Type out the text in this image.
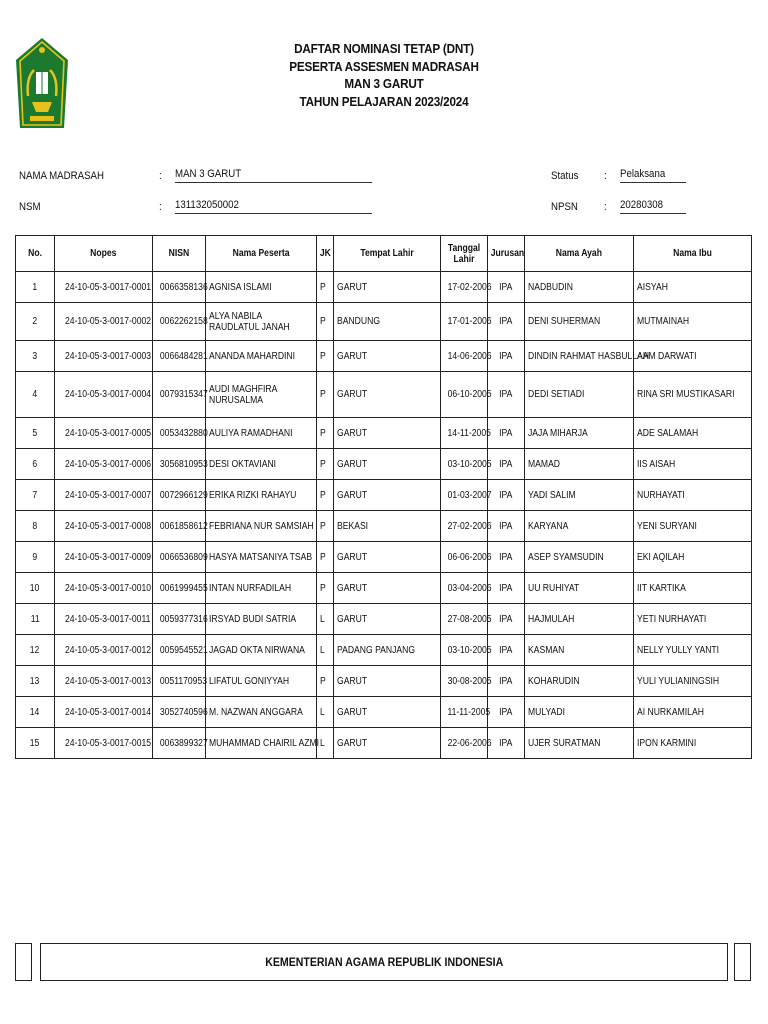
DAFTAR NOMINASI TETAP (DNT)
PESERTA ASSESMEN MADRASAH
MAN 3 GARUT
TAHUN PELAJARAN 2023/2024
NAMA MADRASAH	: MAN 3 GARUT
NSM	: 131132050002
Status : Pelaksana
NPSN : 20280308
No.	Nopes	NISN	Nama Peserta	JK	Tempat Lahir	Tanggal Lahir	Jurusan	Nama Ayah	Nama Ibu
1	24-10-05-3-0017-0001	0066358136	AGNISA ISLAMI	P	GARUT	17-02-2006	IPA	NADBUDIN	AISYAH
2	24-10-05-3-0017-0002	0062262158	ALYA NABILA RAUDLATUL JANAH	P	BANDUNG	17-01-2006	IPA	DENI SUHERMAN	MUTMAINAH
3	24-10-05-3-0017-0003	0066484281	ANANDA MAHARDINI	P	GARUT	14-06-2006	IPA	DINDIN RAHMAT HASBULLAH	AAM DARWATI
4	24-10-05-3-0017-0004	0079315347	AUDI MAGHFIRA NURUSALMA	P	GARUT	06-10-2005	IPA	DEDI SETIADI	RINA SRI MUSTIKASARI
5	24-10-05-3-0017-0005	0053432880	AULIYA RAMADHANI	P	GARUT	14-11-2005	IPA	JAJA MIHARJA	ADE SALAMAH
6	24-10-05-3-0017-0006	3056810953	DESI OKTAVIANI	P	GARUT	03-10-2005	IPA	MAMAD	IIS AISAH
7	24-10-05-3-0017-0007	0072966129	ERIKA RIZKI RAHAYU	P	GARUT	01-03-2007	IPA	YADI SALIM	NURHAYATI
8	24-10-05-3-0017-0008	0061858612	FEBRIANA NUR SAMSIAH	P	BEKASI	27-02-2006	IPA	KARYANA	YENI SURYANI
9	24-10-05-3-0017-0009	0066536809	HASYA MATSANIYA TSAB	P	GARUT	06-06-2006	IPA	ASEP SYAMSUDIN	EKI AQILAH
10	24-10-05-3-0017-0010	0061999455	INTAN NURFADILAH	P	GARUT	03-04-2006	IPA	UU RUHIYAT	IIT KARTIKA
11	24-10-05-3-0017-0011	0059377316	IRSYAD BUDI SATRIA	L	GARUT	27-08-2005	IPA	HAJMULAH	YETI NURHAYATI
12	24-10-05-3-0017-0012	0059545521	JAGAD OKTA NIRWANA	L	PADANG PANJANG	03-10-2005	IPA	KASMAN	NELLY YULLY YANTI
13	24-10-05-3-0017-0013	0051170953	LIFATUL GONIYYAH	P	GARUT	30-08-2005	IPA	KOHARUDIN	YULI YULIANINGSIH
14	24-10-05-3-0017-0014	3052740596	M. NAZWAN ANGGARA	L	GARUT	11-11-2005	IPA	MULYADI	AI NURKAMILAH
15	24-10-05-3-0017-0015	0063899327	MUHAMMAD CHAIRIL AZMI	L	GARUT	22-06-2006	IPA	UJER SURATMAN	IPON KARMINI
KEMENTERIAN AGAMA REPUBLIK INDONESIA
